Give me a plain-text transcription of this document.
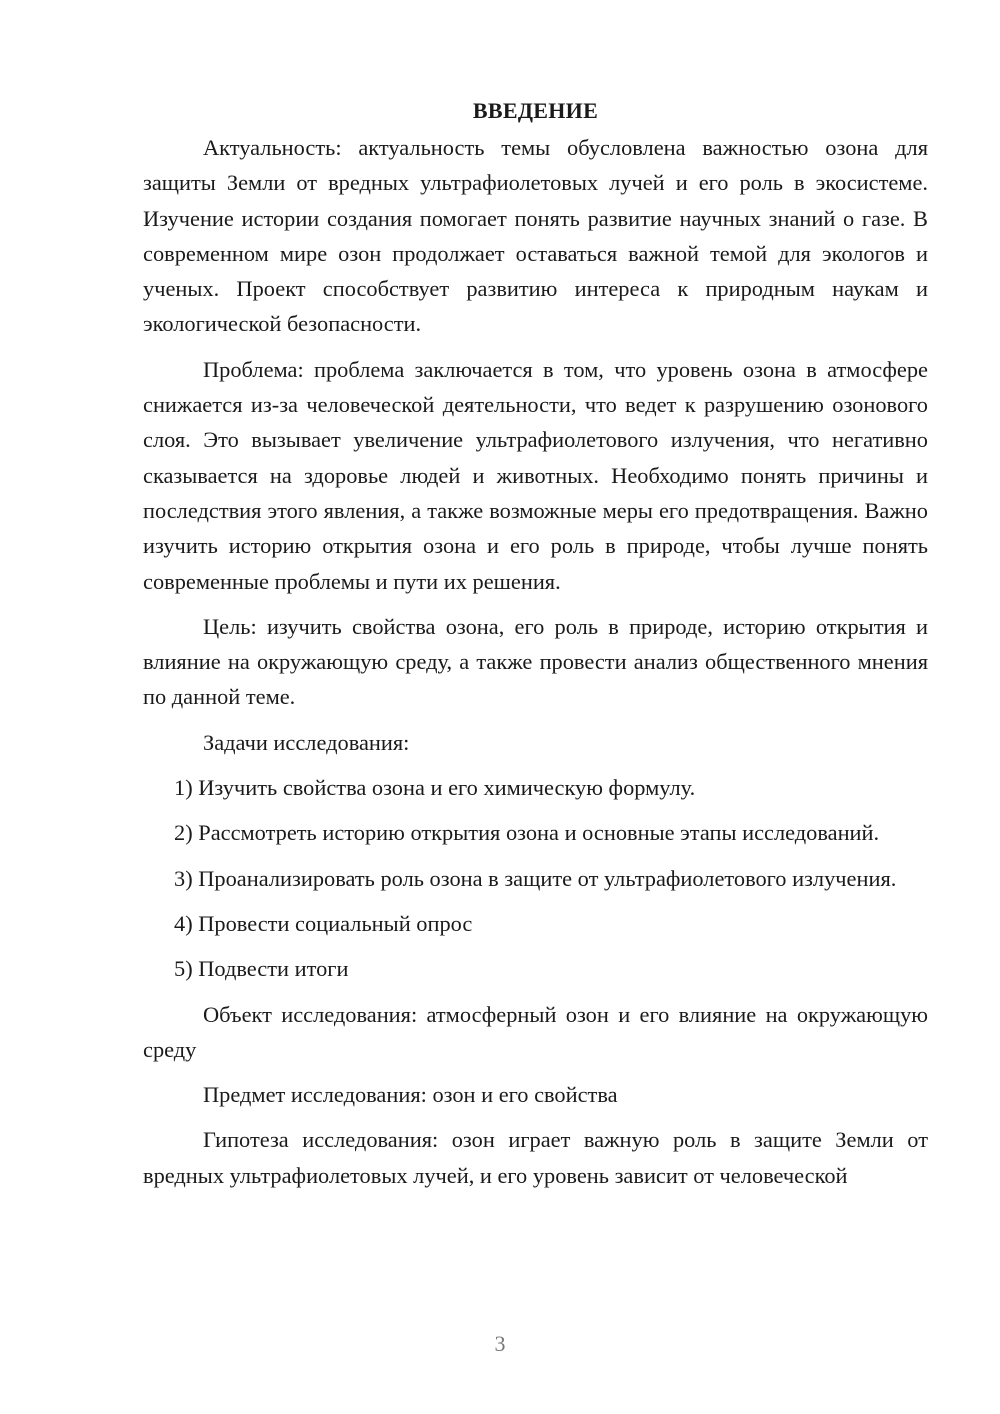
ВВЕДЕНИЕ

Актуальность: актуальность темы обусловлена важностью озона для защиты Земли от вредных ультрафиолетовых лучей и его роль в экосистеме. Изучение истории создания помогает понять развитие научных знаний о газе. В современном мире озон продолжает оставаться важной темой для экологов и ученых. Проект способствует развитию интереса к природным наукам и экологической безопасности.

Проблема: проблема заключается в том, что уровень озона в атмосфере снижается из-за человеческой деятельности, что ведет к разрушению озонового слоя. Это вызывает увеличение ультрафиолетового излучения, что негативно сказывается на здоровье людей и животных. Необходимо понять причины и последствия этого явления, а также возможные меры его предотвращения. Важно изучить историю открытия озона и его роль в природе, чтобы лучше понять современные проблемы и пути их решения.

Цель: изучить свойства озона, его роль в природе, историю открытия и влияние на окружающую среду, а также провести анализ общественного мнения по данной теме.

Задачи исследования:

1) Изучить свойства озона и его химическую формулу.

2) Рассмотреть историю открытия озона и основные этапы исследований.

3) Проанализировать роль озона в защите от ультрафиолетового излучения.

4) Провести социальный опрос

5) Подвести итоги

Объект исследования: атмосферный озон и его влияние на окружающую среду

Предмет исследования: озон и его свойства

Гипотеза исследования: озон играет важную роль в защите Земли от вредных ультрафиолетовых лучей, и его уровень зависит от человеческой

3
